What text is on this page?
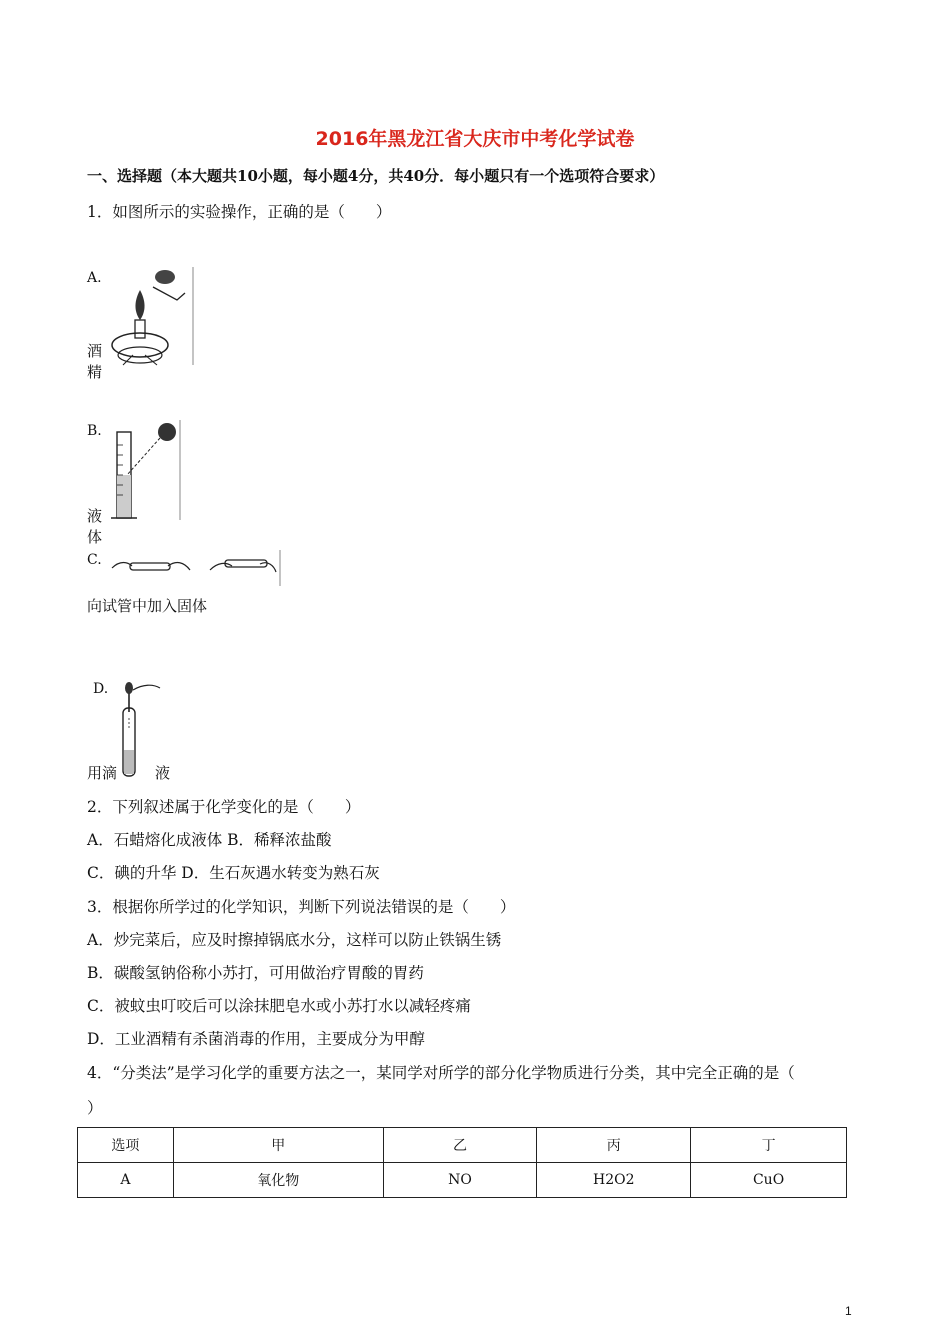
2016年黑龙江省大庆市中考化学试卷
一、选择题（本大题共10小题，每小题4分，共40分．每小题只有一个选项符合要求）
1．如图所示的实验操作，正确的是（　　）
A.
酒精
B.
液体
C.
向试管中加入固体
D.
用滴	液
2．下列叙述属于化学变化的是（　　）
A．石蜡熔化成液体 B．稀释浓盐酸
C．碘的升华 D．生石灰遇水转变为熟石灰
3．根据你所学过的化学知识，判断下列说法错误的是（　　）
A．炒完菜后，应及时擦掉锅底水分，这样可以防止铁锅生锈
B．碳酸氢钠俗称小苏打，可用做治疗胃酸的胃药
C．被蚊虫叮咬后可以涂抹肥皂水或小苏打水以减轻疼痛
D．工业酒精有杀菌消毒的作用，主要成分为甲醇
4．“分类法”是学习化学的重要方法之一，某同学对所学的部分化学物质进行分类，其中完全正确的是（
）
选项	甲	乙	丙	丁
A	氧化物	NO	H2O2	CuO
1
